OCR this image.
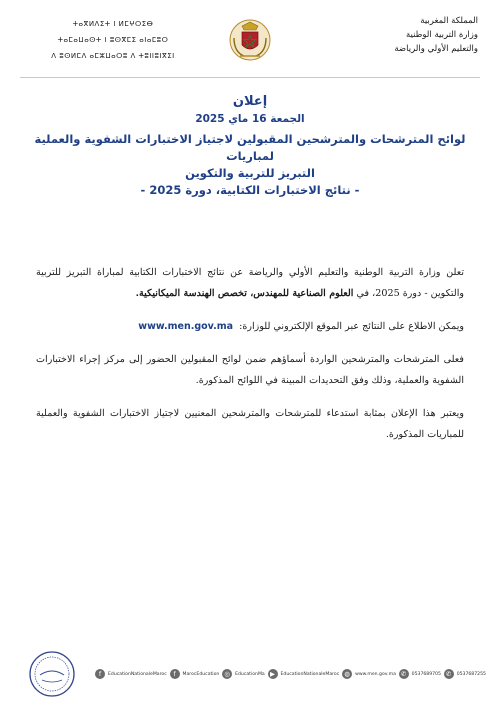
ⵜⴰⴳⵍⴷⵉⵜ ⵏ ⵍⵎⵖⵔⵉⴱ
ⵜⴰⵎⴰⵡⴰⵙⵜ ⵏ ⵓⵙⴳⵎⵉ ⴰⵏⴰⵎⵓⵔ
ⴷ ⵓⵙⵍⵎⴷ ⴰⵎⵣⵡⴰⵔⵓ ⴷ ⵜⵓⵏⵏⵓⵏⴳⵉⵏ
المملكة المغربية
وزارة التربية الوطنية
والتعليم الأولي والرياضة
إعلان
الجمعة 16 ماي 2025
لوائح المترشحات والمترشحين المقبولين لاجتياز الاختبارات الشفوية والعملية لمباريات
التبريز للتربية والتكوين
- نتائج الاختبارات الكتابية، دورة 2025 -

تعلن وزارة التربية الوطنية والتعليم الأولي والرياضة عن نتائج الاختبارات الكتابية لمباراة التبريز للتربية والتكوين - دورة 2025، في العلوم الصناعية للمهندس، تخصص الهندسة الميكانيكية.

ويمكن الاطلاع على النتائج عبر الموقع الإلكتروني للوزارة:  www.men.gov.ma

فعلى المترشحات والمترشحين الواردة أسماؤهم ضمن لوائح المقبولين الحضور إلى مركز إجراء الاختبارات الشفوية والعملية، وذلك وفق التحديدات المبينة في اللوائح المذكورة.

ويعتبر هذا الإعلان بمثابة استدعاء للمترشحات والمترشحين المعنيين لاجتياز الاختبارات الشفوية والعملية للمباريات المذكورة.

f	EducationNationaleMaroc	f	MarocEducation ◎	EducationMa ▶	EducationNationaleMaroc ◍	www.men.gov.ma ✆	0537689705 ✆	0537687255
